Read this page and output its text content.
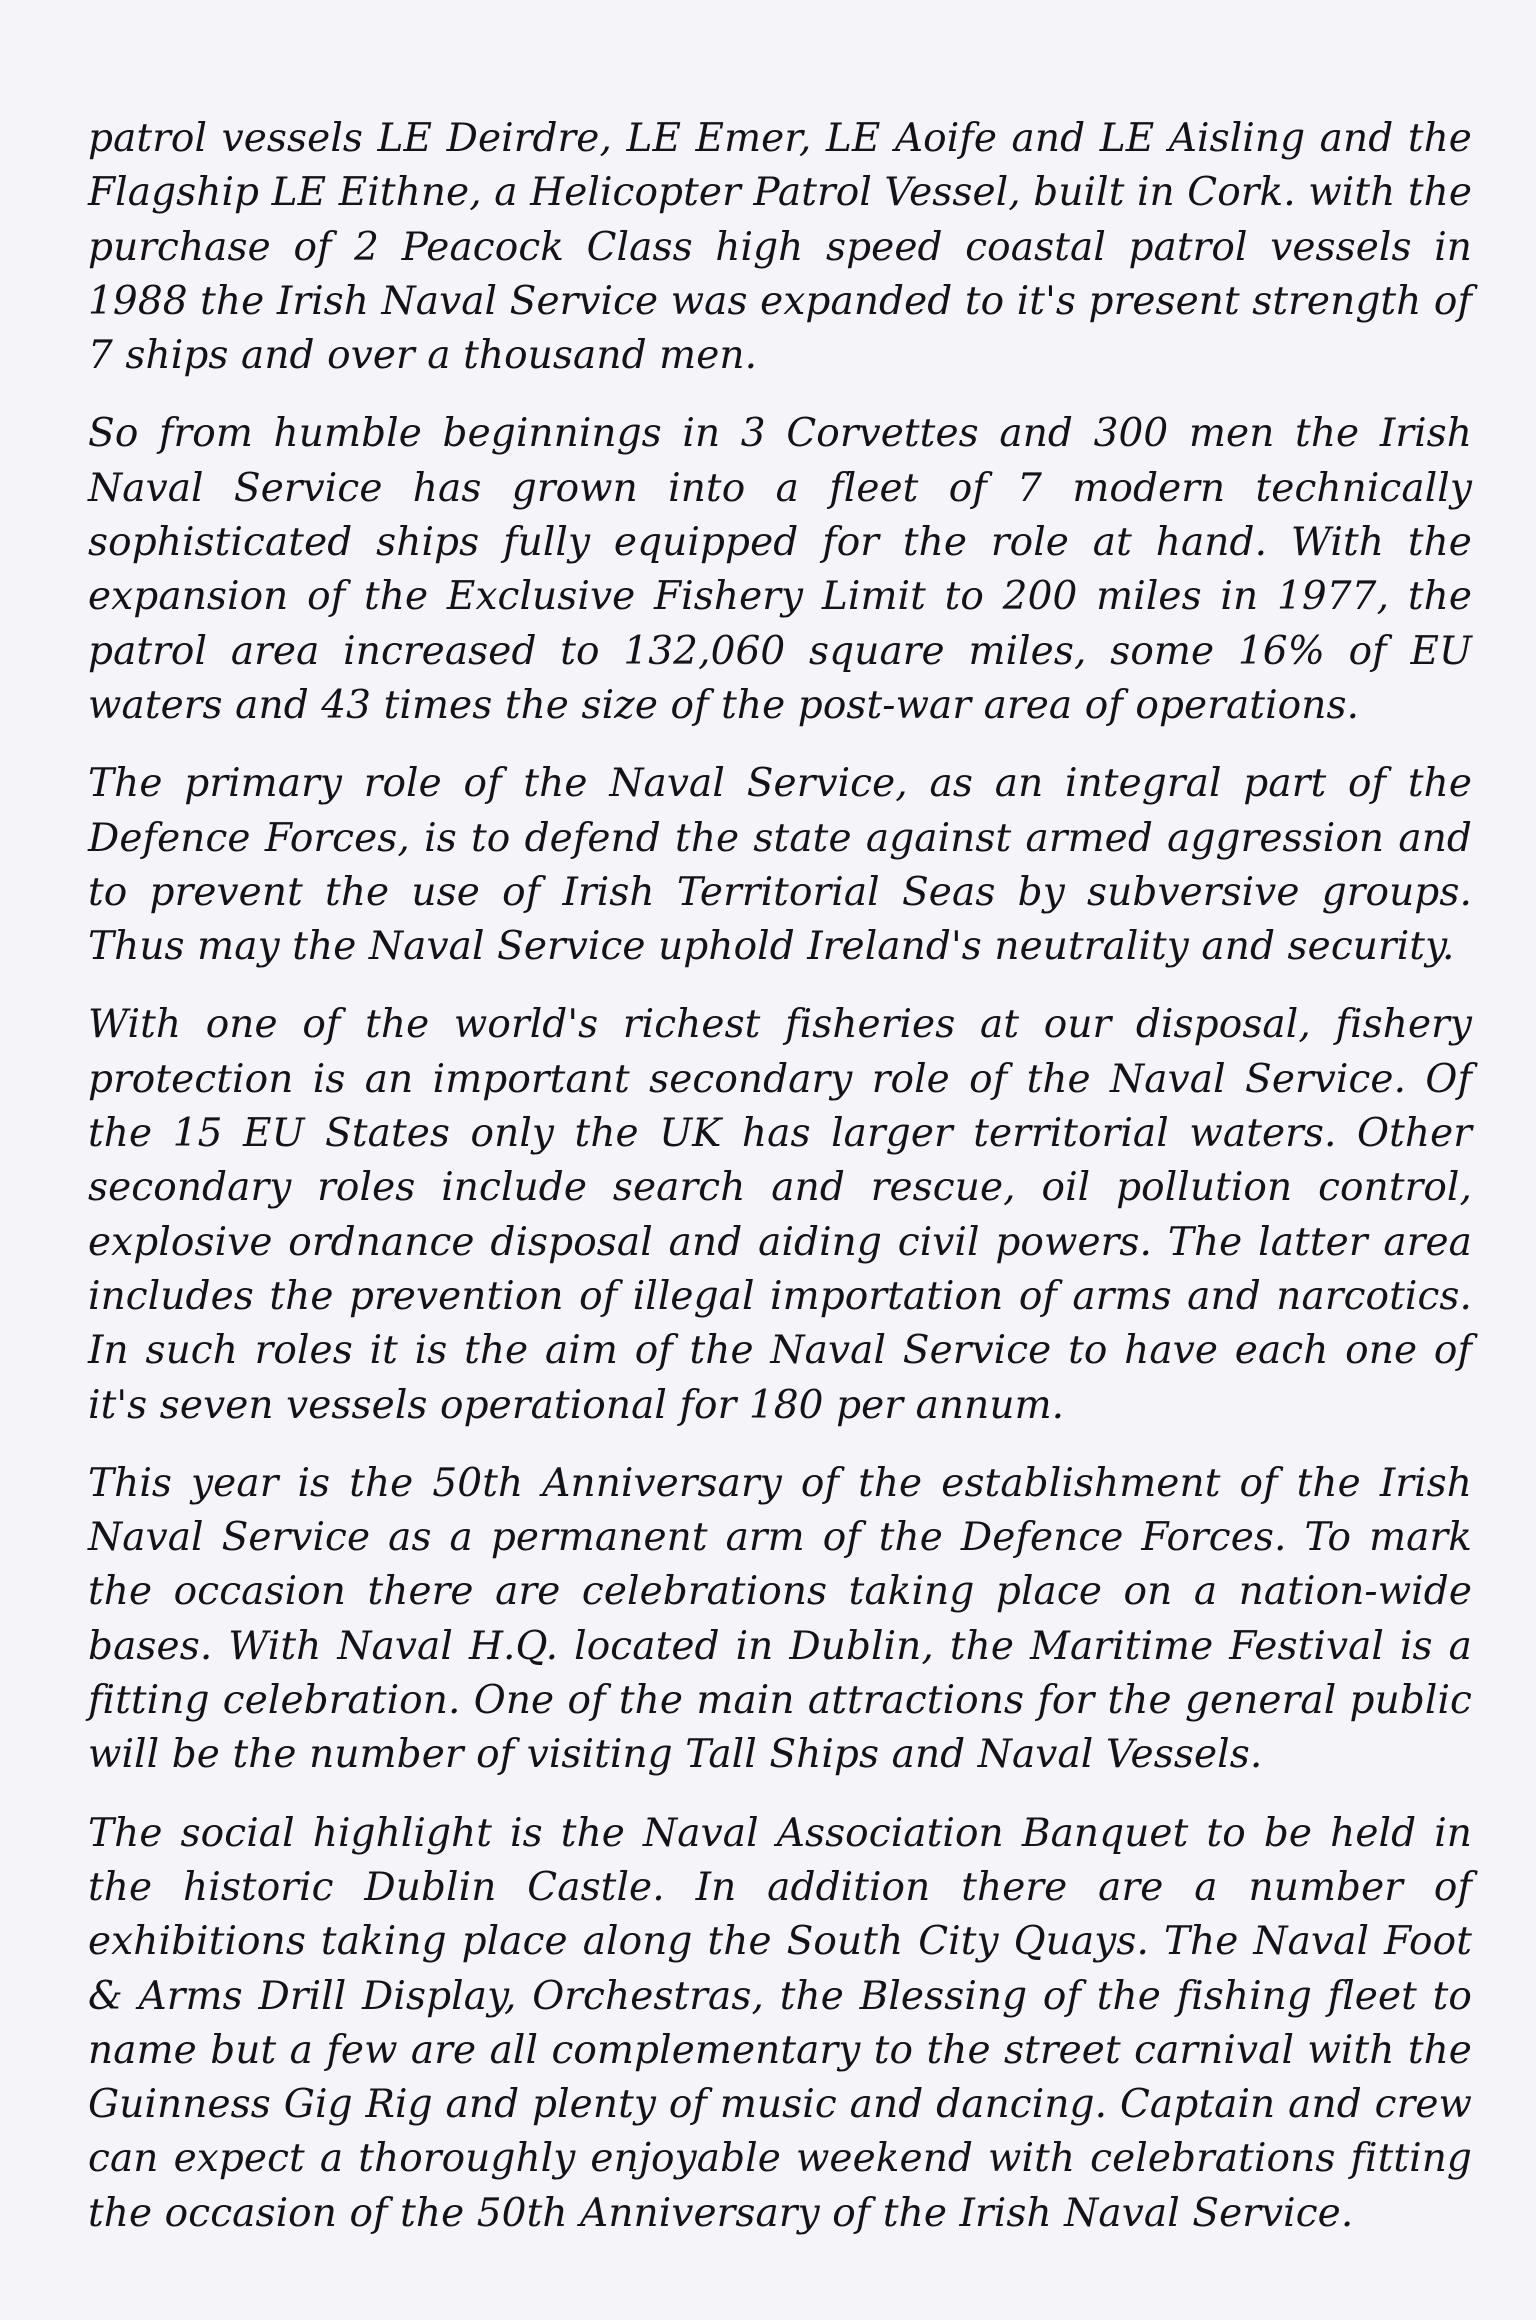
patrol vessels LE Deirdre, LE Emer, LE Aoife and LE Aisling and the Flagship LE Eithne, a Helicopter Patrol Vessel, built in Cork. with the purchase of 2 Peacock Class high speed coastal patrol vessels in 1988 the Irish Naval Service was expanded to it's present strength of 7 ships and over a thousand men.

So from humble beginnings in 3 Corvettes and 300 men the Irish Naval Service has grown into a fleet of 7 modern technically sophisticated ships fully equipped for the role at hand. With the expansion of the Exclusive Fishery Limit to 200 miles in 1977, the patrol area increased to 132,060 square miles, some 16% of EU waters and 43 times the size of the post-war area of operations.

The primary role of the Naval Service, as an integral part of the Defence Forces, is to defend the state against armed aggression and to prevent the use of Irish Territorial Seas by subversive groups. Thus may the Naval Service uphold Ireland's neutrality and security.

With one of the world's richest fisheries at our disposal, fishery protection is an important secondary role of the Naval Service. Of the 15 EU States only the UK has larger territorial waters. Other secondary roles include search and rescue, oil pollution control, explosive ordnance disposal and aiding civil powers. The latter area includes the prevention of illegal importation of arms and narcotics. In such roles it is the aim of the Naval Service to have each one of it's seven vessels operational for 180 per annum.

This year is the 50th Anniversary of the establishment of the Irish Naval Service as a permanent arm of the Defence Forces. To mark the occasion there are celebrations taking place on a nation-wide bases. With Naval H.Q. located in Dublin, the Maritime Festival is a fitting celebration. One of the main attractions for the general public will be the number of visiting Tall Ships and Naval Vessels.

The social highlight is the Naval Association Banquet to be held in the historic Dublin Castle. In addition there are a number of exhibitions taking place along the South City Quays. The Naval Foot & Arms Drill Display, Orchestras, the Blessing of the fishing fleet to name but a few are all complementary to the street carnival with the Guinness Gig Rig and plenty of music and dancing. Captain and crew can expect a thoroughly enjoyable weekend with celebrations fitting the occasion of the 50th Anniversary of the Irish Naval Service.
